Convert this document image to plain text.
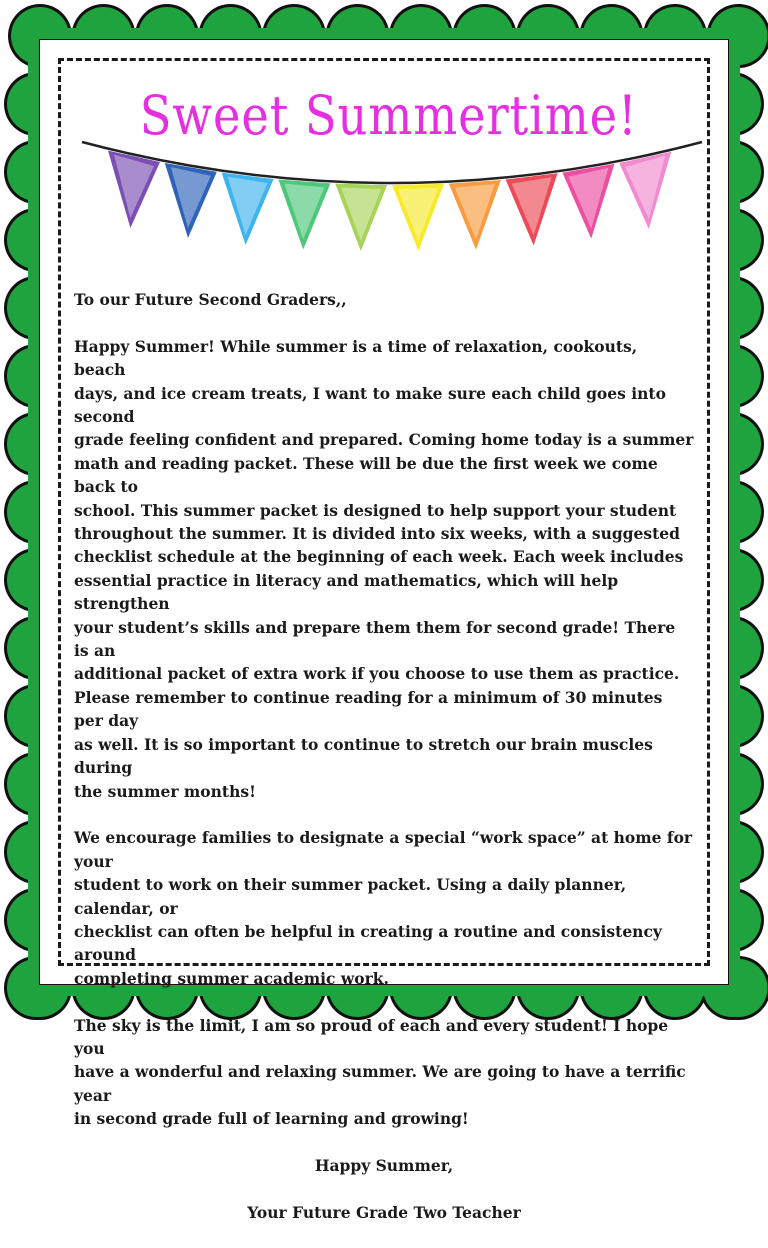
Sweet Summertime!

To our Future Second Graders,,

Happy Summer! While summer is a time of relaxation, cookouts, beach
days, and ice cream treats, I want to make sure each child goes into second
grade feeling confident and prepared. Coming home today is a summer
math and reading packet. These will be due the first week we come back to
school. This summer packet is designed to help support your student
throughout the summer. It is divided into six weeks, with a suggested
checklist schedule at the beginning of each week. Each week includes
essential practice in literacy and mathematics, which will help strengthen
your student’s skills and prepare them them for second grade! There is an
additional packet of extra work if you choose to use them as practice.
Please remember to continue reading for a minimum of 30 minutes per day
as well. It is so important to continue to stretch our brain muscles during
the summer months!

We encourage families to designate a special “work space” at home for your
student to work on their summer packet. Using a daily planner, calendar, or
checklist can often be helpful in creating a routine and consistency around
completing summer academic work.

The sky is the limit, I am so proud of each and every student! I hope you
have a wonderful and relaxing summer. We are going to have a terrific year
in second grade full of learning and growing!

Happy Summer,

Your Future Grade Two Teacher
